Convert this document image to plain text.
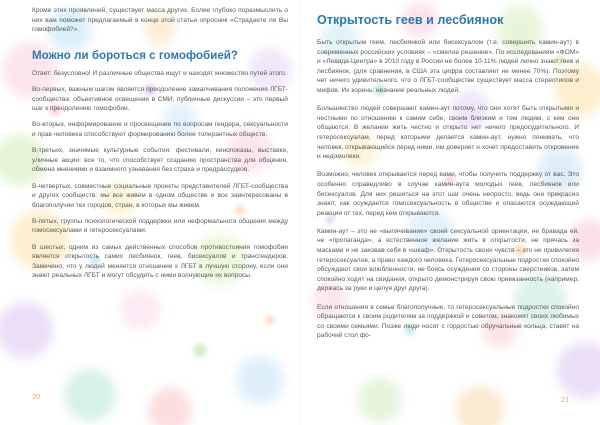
Кроме этих проявлений, существует масса других. Более глубоко поразмыслить о них вам поможет предлагаемый в конце этой статьи опросник «Страдаете ли Вы гомофобией?».

Можно ли бороться с гомофобией?

Ответ: безусловно! И различные общества ищут и находят множество путей этого.

Во-первых, важным шагом является преодоление замалчивания положения ЛГБТ-сообщества: объективное освещение в СМИ, публичные дискуссии – это первый шаг к преодолению гомофобии.

Во-вторых, информирование и просвещение по вопросам гендера, сексуальности и прав человека способствуют формированию более толерантных обществ.

В-третьих, значимые культурные события: фестивали, кинопоказы, выставки, уличные акции: все то, что способствует созданию пространства для общения, обмена мнениями и взаимного узнавания без страха и предрассудков.

В-четвертых, совместные социальные проекты представителей ЛГБТ-сообщества и других сообществ: мы все живем в одном обществе и все заинтересованы в благополучии тех городов, стран, в которых мы живем.

В-пятых, группы психологической поддержки или неформального общения между гомосексуалами и гетеросексуалами.

В шестых, одним из самых действенных способов противостояния гомофобии является открытость самих лесбиянок, геев, бисексуалов и трансгендеров. Замечено, что у людей меняется отношение к ЛГБТ в лучшую сторону, если они знают реальных ЛГБТ и могут обсудить с ними волнующие их вопросы.

20
Открытость геев и лесбиянок

Быть открытым геем, лесбиянкой или бисексуалом (т.е. совершить камин-аут) в современных российских условиях – «смелое решение». По исследованиям «ФОМ» и «Левада-Центра» в 2010 году в России не более 10-11% людей лично знают геев и лесбиянок, (для сравнения, в США эта цифра составляет не менее 70%). Поэтому нет ничего удивительного, что о ЛГБТ-сообществе существует масса стереотипов и мифов. Их корень: незнание реальных людей.

Большинство людей совершают камин-аут потому, что они хотят быть открытыми и честными по отношению к самим себе, своим близким и тем людям, с кем они общаются. В желании жить честно и открыто нет ничего предосудительного. И гетеросексуалам, перед которыми делается камин-аут, нужно понимать, что человек, открывающийся перед ними, им доверяет и хочет предоставить откровение и недомолвки.

Возможно, человек открывается перед вами, чтобы получить поддержку от вас. Это особенно справедливо в случае камин-аута молодых геев, лесбиянок или бисексуалов. Для них решиться на этот шаг очень непросто, ведь они прекрасно знают, как осуждается гомосексуальность в обществе и опасаются осуждающей реакции от тех, перед кем открываются.

Камин-аут – это не «выпячивание» своей сексуальной ориентации, не бравада ей, не «пропаганда», а естественное желание жить в открытости, не прячась за масками и не заковав себя в «шкаф». Открытость своих чувств – это не привилегия гетеросексуалов, а право каждого человека. Гетеросексуальные подростки спокойно обсуждают свои влюбленности, не боясь осуждения со стороны сверстников, затем спокойно ходят на свидания, открыто демонстрируя свою привязанность (например, держась за руки и целуя друг друга).

Если отношения в семье благополучные, то гетеросексуальные подростки спокойно обращаются к своим родителям за поддержкой и советом, знакомят своих любимых со своими семьями. Позже люди носят с гордостью обручальные кольца, ставят на рабочий стол фо-

21
